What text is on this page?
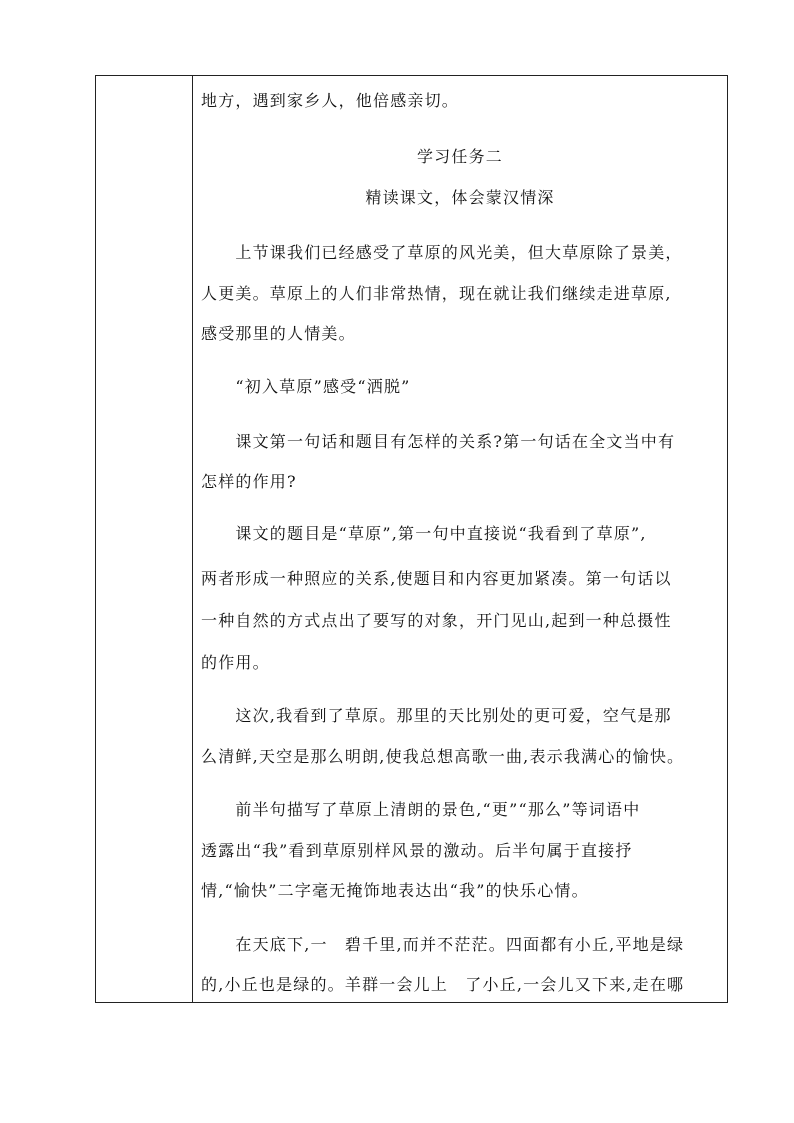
地方，遇到家乡人，他倍感亲切。
学习任务二
精读课文，体会蒙汉情深
　　上节课我们已经感受了草原的风光美，但大草原除了景美，
人更美。草原上的人们非常热情，现在就让我们继续走进草原,
感受那里的人情美。
　　“初入草原”感受“洒脱”
　　课文第一句话和题目有怎样的关系?第一句话在全文当中有
怎样的作用?
　　课文的题目是“草原”,第一句中直接说“我看到了草原”,
两者形成一种照应的关系,使题目和内容更加紧凑。第一句话以
一种自然的方式点出了要写的对象，开门见山,起到一种总摄性
的作用。
　　这次,我看到了草原。那里的天比别处的更可爱，空气是那
么清鲜,天空是那么明朗,使我总想高歌一曲,表示我满心的愉快。
　　前半句描写了草原上清朗的景色,“更”“那么”等词语中
透露出“我”看到草原别样风景的激动。后半句属于直接抒
情,“愉快”二字毫无掩饰地表达出“我”的快乐心情。
　　在天底下,一　碧千里,而并不茫茫。四面都有小丘,平地是绿
的,小丘也是绿的。羊群一会儿上　了小丘,一会儿又下来,走在哪
